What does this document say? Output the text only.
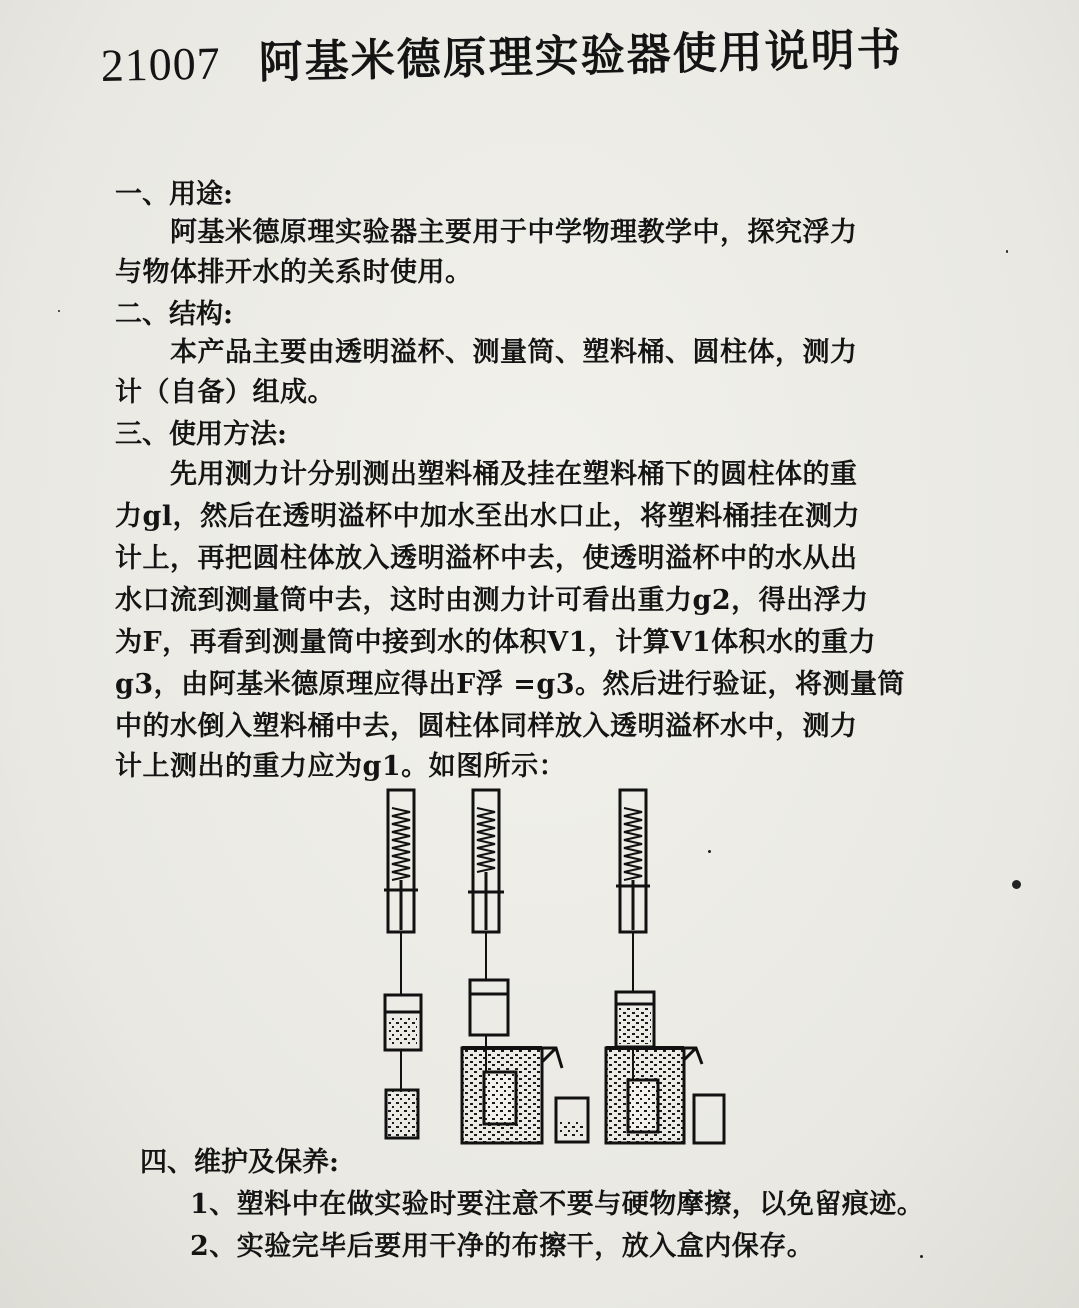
21007 阿基米德原理实验器使用说明书
一、用途:
阿基米德原理实验器主要用于中学物理教学中，探究浮力
与物体排开水的关系时使用。
二、结构:
本产品主要由透明溢杯、测量筒、塑料桶、圆柱体，测力
计（自备）组成。
三、使用方法:
先用测力计分别测出塑料桶及挂在塑料桶下的圆柱体的重
力gl，然后在透明溢杯中加水至出水口止，将塑料桶挂在测力
计上，再把圆柱体放入透明溢杯中去，使透明溢杯中的水从出
水口流到测量筒中去，这时由测力计可看出重力g2，得出浮力
为F，再看到测量筒中接到水的体积V1，计算V1体积水的重力
g3，由阿基米德原理应得出F浮 =g3。然后进行验证，将测量筒
中的水倒入塑料桶中去，圆柱体同样放入透明溢杯水中，测力
计上测出的重力应为g1。如图所示：
四、维护及保养:
1、塑料中在做实验时要注意不要与硬物摩擦，以免留痕迹。
2、实验完毕后要用干净的布擦干，放入盒内保存。
